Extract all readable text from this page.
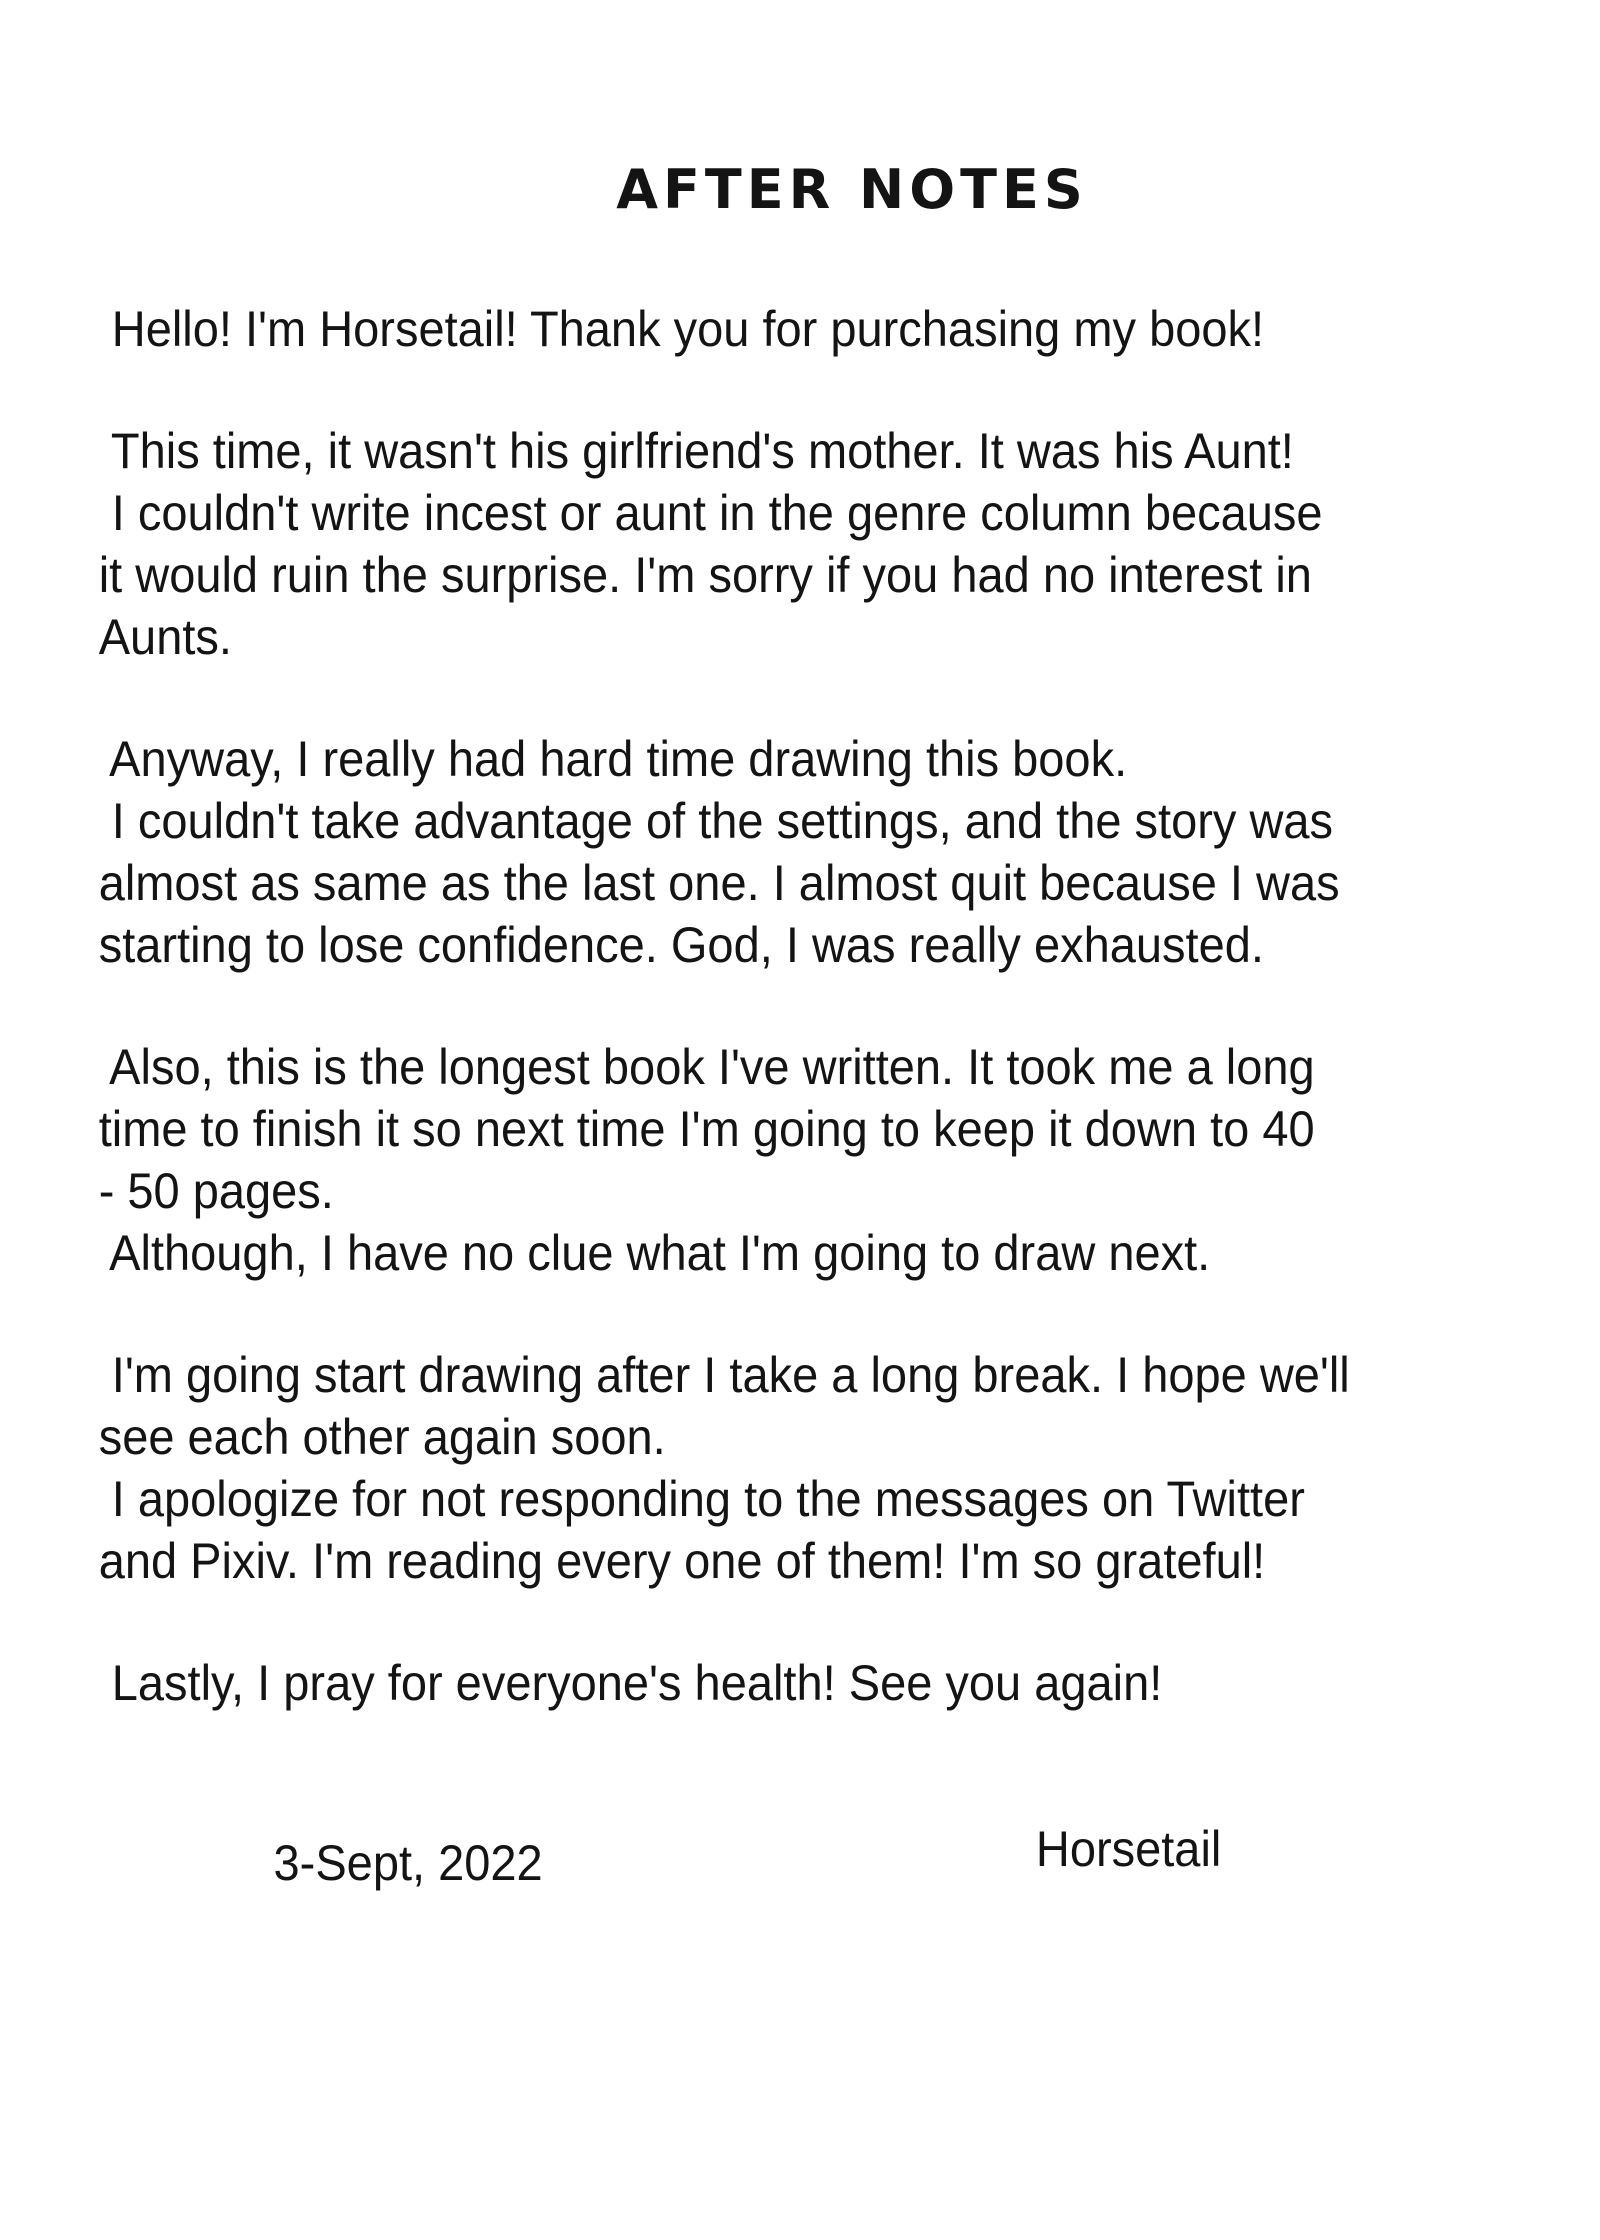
AFTER NOTES
Hello! I'm Horsetail! Thank you for purchasing my book!
This time, it wasn't his girlfriend's mother. It was his Aunt!
I couldn't write incest or aunt in the genre column because
it would ruin the surprise. I'm sorry if you had no interest in
Aunts.
Anyway, I really had hard time drawing this book.
I couldn't take advantage of the settings, and the story was
almost as same as the last one. I almost quit because I was
starting to lose confidence. God, I was really exhausted.
Also, this is the longest book I've written. It took me a long
time to finish it so next time I'm going to keep it down to 40
- 50 pages.
Although, I have no clue what I'm going to draw next.
I'm going start drawing after I take a long break. I hope we'll
see each other again soon.
I apologize for not responding to the messages on Twitter
and Pixiv. I'm reading every one of them! I'm so grateful!
Lastly, I pray for everyone's health! See you again!
3-Sept, 2022	Horsetail
